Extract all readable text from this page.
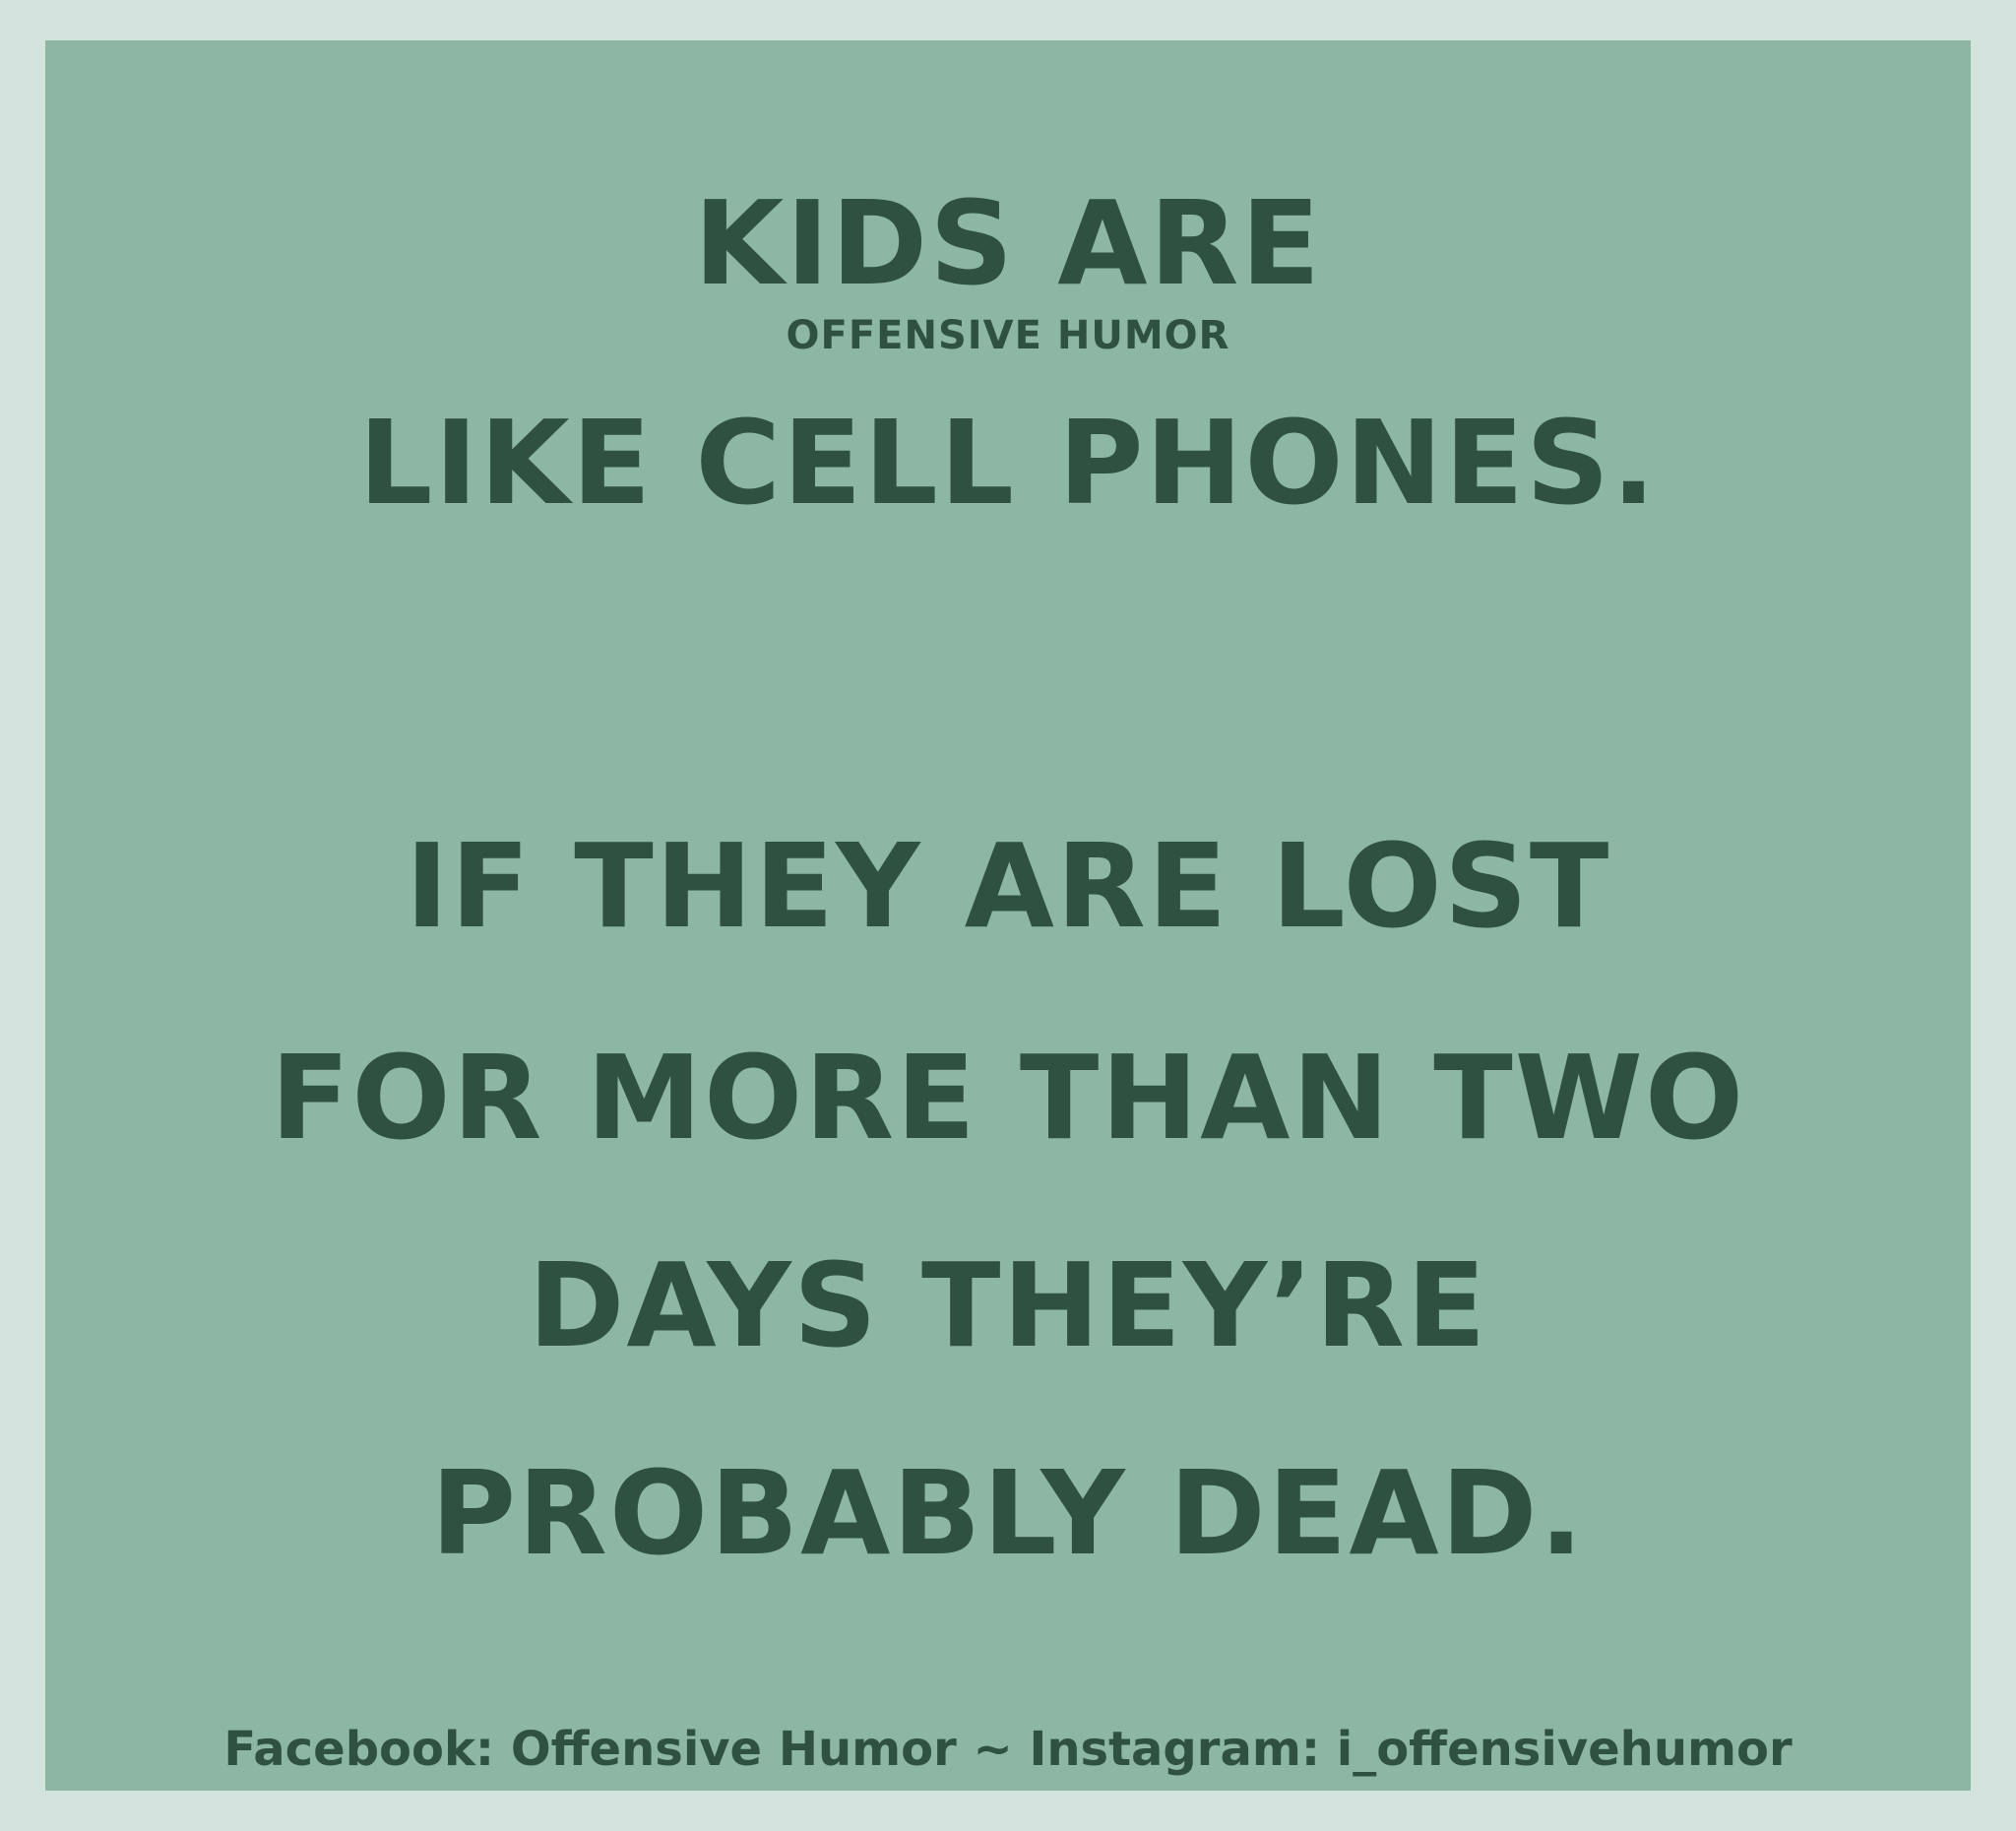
KIDS ARE
OFFENSIVE HUMOR
LIKE CELL PHONES.
IF THEY ARE LOST
FOR MORE THAN TWO
DAYS THEY’RE
PROBABLY DEAD.
Facebook: Offensive Humor ~ Instagram: i_offensivehumor
